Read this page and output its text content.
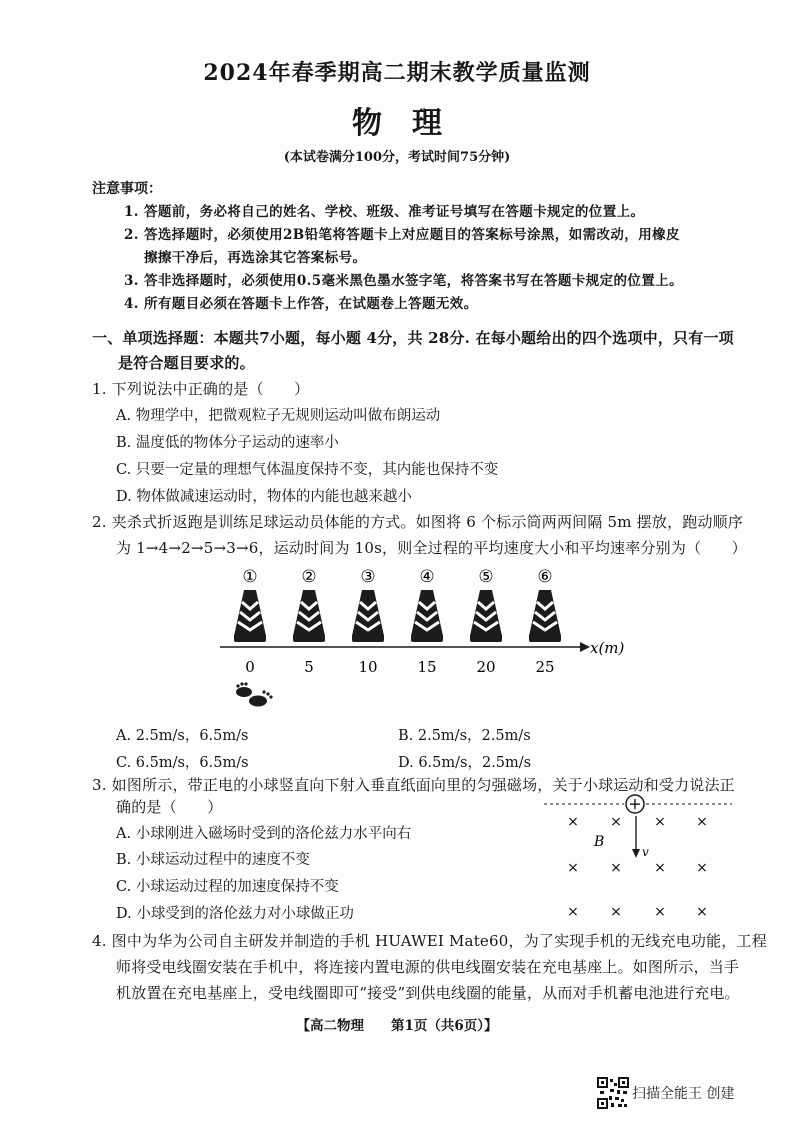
2024年春季期高二期末教学质量监测
物理
(本试卷满分100分，考试时间75分钟)
注意事项：
1. 答题前，务必将自己的姓名、学校、班级、准考证号填写在答题卡规定的位置上。
2. 答选择题时，必须使用2B铅笔将答题卡上对应题目的答案标号涂黑，如需改动，用橡皮
擦擦干净后，再选涂其它答案标号。
3. 答非选择题时，必须使用0.5毫米黑色墨水签字笔，将答案书写在答题卡规定的位置上。
4. 所有题目必须在答题卡上作答，在试题卷上答题无效。
一、单项选择题：本题共7小题，每小题 4分，共 28分. 在每小题给出的四个选项中，只有一项
是符合题目要求的。
1. 下列说法中正确的是（　　）
A. 物理学中，把微观粒子无规则运动叫做布朗运动
B. 温度低的物体分子运动的速率小
C. 只要一定量的理想气体温度保持不变，其内能也保持不变
D. 物体做减速运动时，物体的内能也越来越小
2. 夹杀式折返跑是训练足球运动员体能的方式。如图将 6 个标示筒两两间隔 5m 摆放，跑动顺序
为 1→4→2→5→3→6，运动时间为 10s，则全过程的平均速度大小和平均速率分别为（　　）
①	②	③	④	⑤	⑥
x(m)
0	5	10	15	20	25
A. 2.5m/s，6.5m/s	B. 2.5m/s，2.5m/s
C. 6.5m/s，6.5m/s	D. 6.5m/s，2.5m/s
3. 如图所示，带正电的小球竖直向下射入垂直纸面向里的匀强磁场，关于小球运动和受力说法正
确的是（　　）
A. 小球刚进入磁场时受到的洛伦兹力水平向右
B. 小球运动过程中的速度不变
C. 小球运动过程的加速度保持不变
D. 小球受到的洛伦兹力对小球做正功
+
v
B
× × × ×
× × × ×
× × × ×
4. 图中为华为公司自主研发并制造的手机 HUAWEI Mate60，为了实现手机的无线充电功能，工程
师将受电线圈安装在手机中，将连接内置电源的供电线圈安装在充电基座上。如图所示，当手
机放置在充电基座上，受电线圈即可“接受”到供电线圈的能量，从而对手机蓄电池进行充电。
【高二物理　　第1页（共6页）】
扫描全能王 创建
